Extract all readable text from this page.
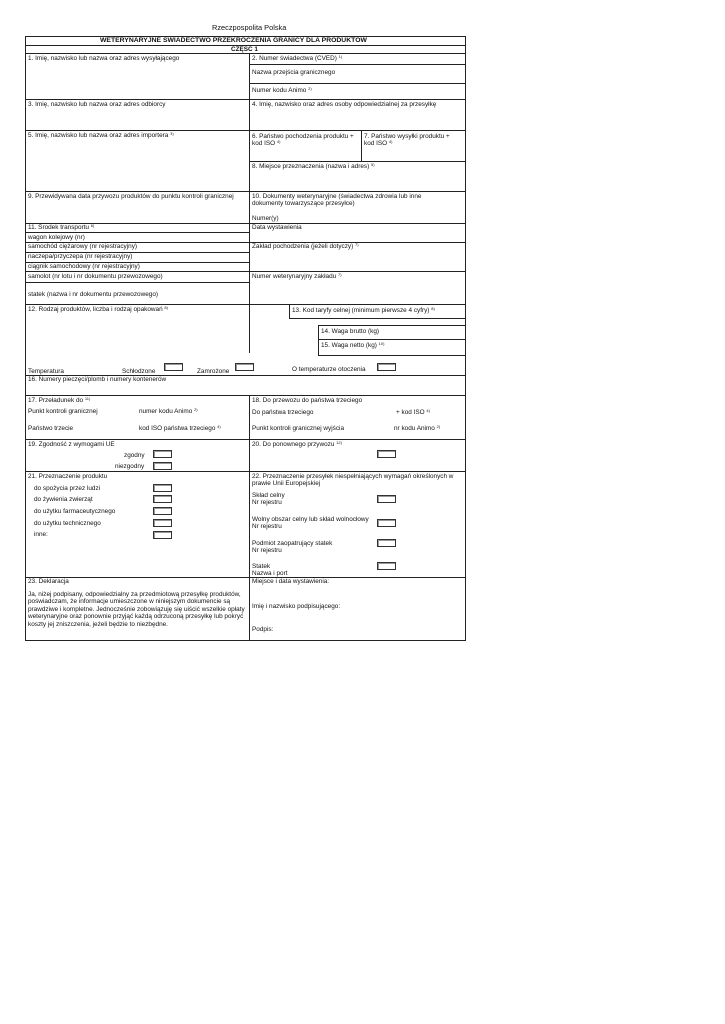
Rzeczpospolita Polska
WETERYNARYJNE ŚWIADECTWO PRZEKROCZENIA GRANICY DLA PRODUKTÓW
CZĘŚĆ 1
1. Imię, nazwisko lub nazwa oraz adres wysyłającego	2. Numer świadectwa (CVED) $^{1)}$
Nazwa przejścia granicznego
Numer kodu Animo $^{2)}$
3. Imię, nazwisko lub nazwa oraz adres odbiorcy	4. Imię, nazwisko oraz adres osoby odpowiedzialnej za przesyłkę
5. Imię, nazwisko lub nazwa oraz adres importera $^{3)}$	6. Państwo pochodzenia produktu +
kod ISO $^{4)}$
7. Państwo wysyłki produktu +
kod ISO $^{4)}$
8. Miejsce przeznaczenia (nazwa i adres) $^{5)}$
9. Przewidywana data przywozu produktów do punktu kontroli granicznej	10. Dokumenty weterynaryjne (świadectwa zdrowia lub inne
dokumenty towarzyszące przesyłce)
Numer(y)
11. Środek transportu $^{6)}$	Data wystawienia
wagon kolejowy (nr)
samochód ciężarowy (nr rejestracyjny)	Zakład pochodzenia (jeżeli dotyczy) $^{7)}$
naczepa/przyczepa (nr rejestracyjny)
ciągnik samochodowy (nr rejestracyjny)
samolot (nr lotu i nr dokumentu przewozowego)	Numer weterynaryjny zakładu $^{7)}$
statek (nazwa i nr dokumentu przewozowego)
12. Rodzaj produktów, liczba i rodzaj opakowań $^{8)}$	13. Kod taryfy celnej (minimum pierwsze 4 cyfry) $^{8)}$
14. Waga brutto (kg)
15. Waga netto (kg) $^{10)}$
Temperatura	Schłodzone	Zamrożone	O temperaturze otoczenia
16. Numery pieczęci/plomb i numery kontenerów
17. Przeładunek do $^{11)}$
Punkt kontroli granicznej	numer kodu Animo $^{2)}$
Państwo trzecie	kod ISO państwa trzeciego $^{4)}$
18. Do przewozu do państwa trzeciego
Do państwa trzeciego	+ kod ISO $^{4)}$
Punkt kontroli granicznej wyjścia	nr kodu Animo $^{2)}$
19. Zgodność z wymogami UE
zgodny
niezgodny
20. Do ponownego przywozu $^{12)}$
21. Przeznaczenie produktu
do spożycia przez ludzi
do żywienia zwierząt
do użytku farmaceutycznego
do użytku technicznego
inne:
22. Przeznaczenie przesyłek niespełniających wymagań określonych w
prawie Unii Europejskiej
Skład celny
Nr rejestru
Wolny obszar celny lub skład wolnocłowy
Nr rejestru
Podmiot zaopatrujący statek
Nr rejestru
Statek
Nazwa i port
23. Deklaracja
Ja, niżej podpisany, odpowiedzialny za przedmiotową przesyłkę produktów, poświadczam, że informacje umieszczone w niniejszym dokumencie są prawdziwe i kompletne. Jednocześnie zobowiązuję się uiścić wszelkie opłaty weterynaryjne oraz ponownie przyjąć każdą odrzuconą przesyłkę lub pokryć koszty jej zniszczenia, jeżeli będzie to niezbędne.
Miejsce i data wystawienia:
Imię i nazwisko podpisującego:
Podpis:
